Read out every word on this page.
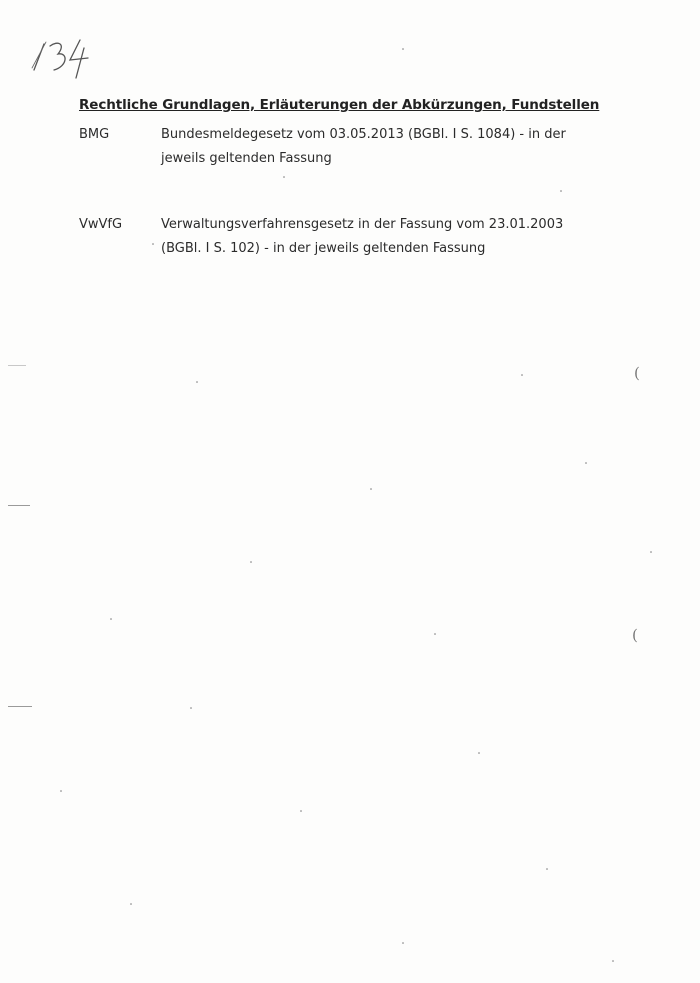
Rechtliche Grundlagen, Erläuterungen der Abkürzungen, Fundstellen
BMG	Bundesmeldegesetz vom 03.05.2013 (BGBl. I S. 1084) - in der jeweils geltenden Fassung
VwVfG	Verwaltungsverfahrensgesetz in der Fassung vom 23.01.2003 (BGBl. I S. 102) - in der jeweils geltenden Fassung
(
(
